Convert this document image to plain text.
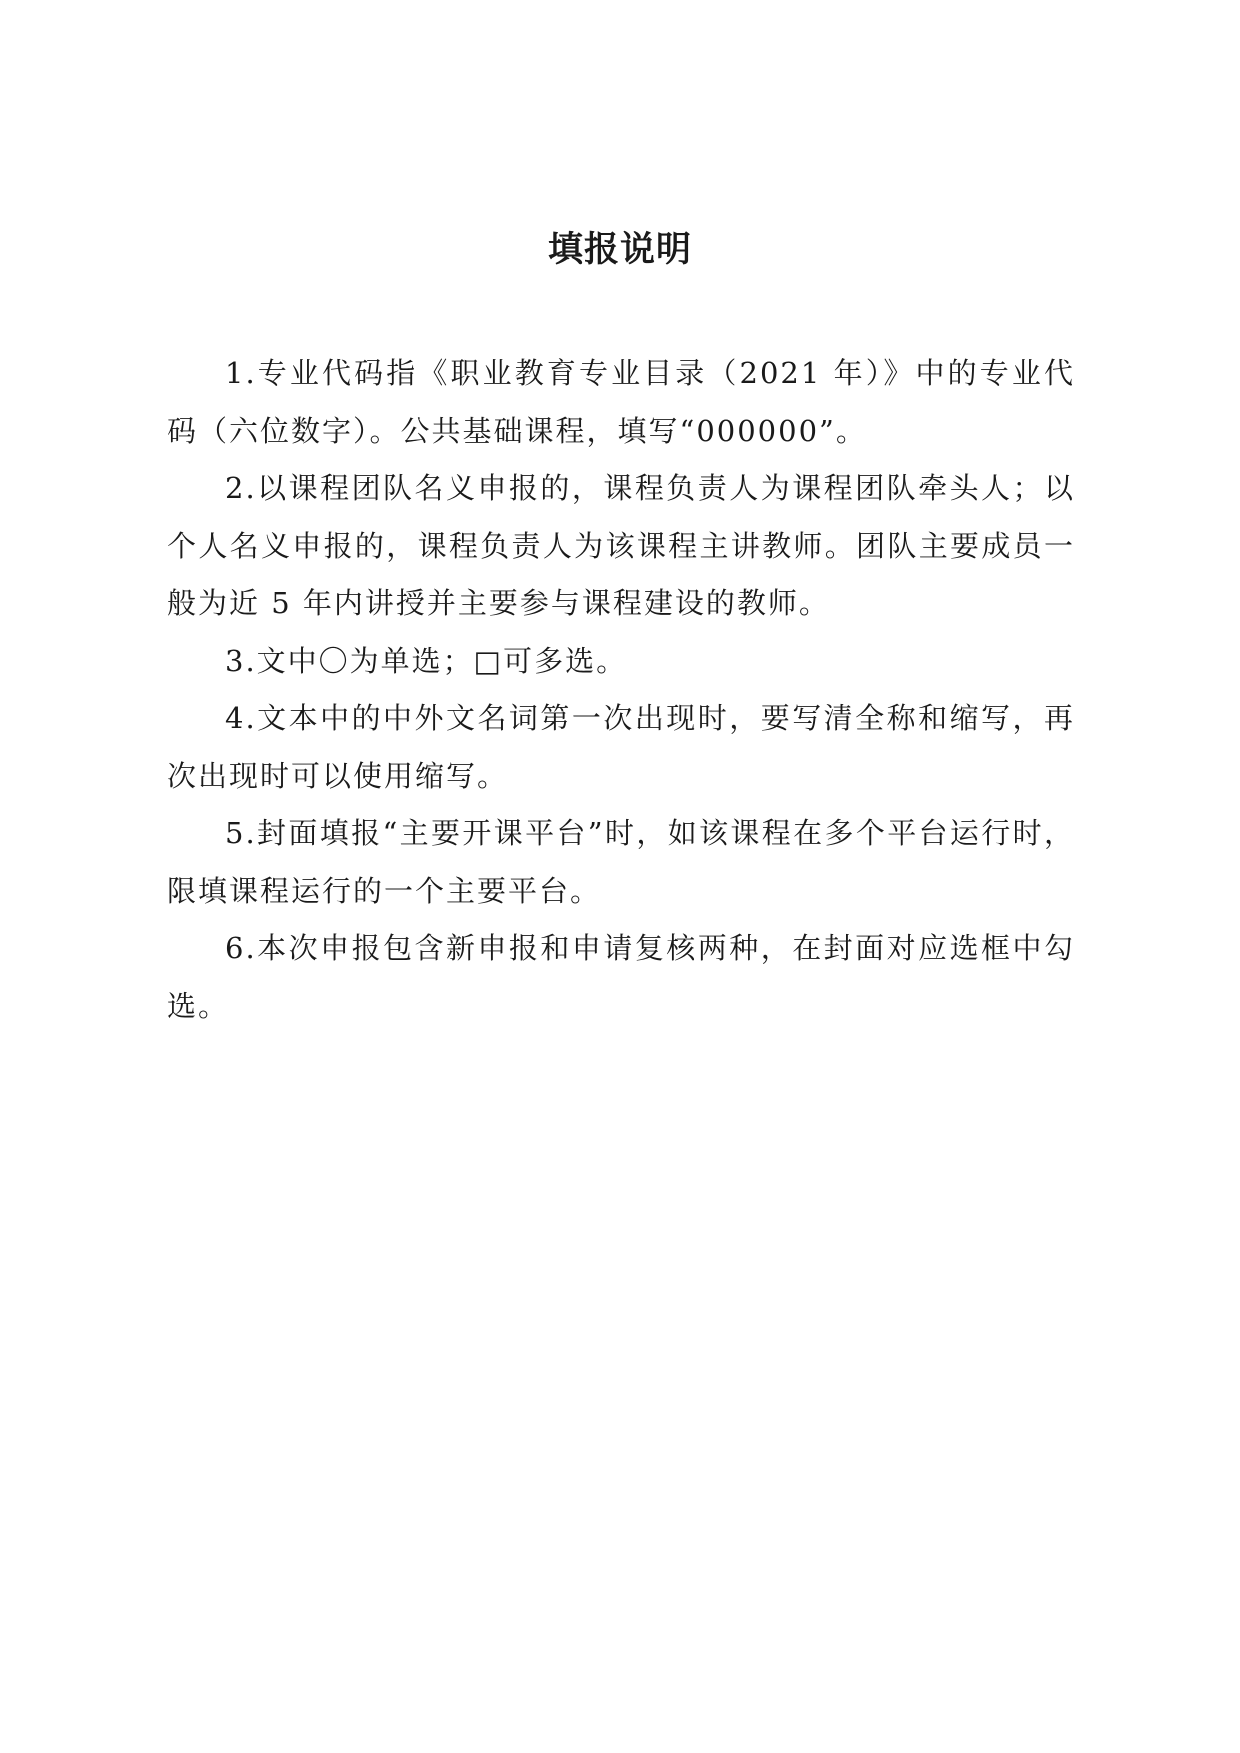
填报说明

1.专业代码指《职业教育专业目录（2021 年）》中的专业代码（六位数字）。公共基础课程，填写“000000”。

2.以课程团队名义申报的，课程负责人为课程团队牵头人；以个人名义申报的，课程负责人为该课程主讲教师。团队主要成员一般为近 5 年内讲授并主要参与课程建设的教师。

3.文中〇为单选；□可多选。

4.文本中的中外文名词第一次出现时，要写清全称和缩写，再次出现时可以使用缩写。

5.封面填报“主要开课平台”时，如该课程在多个平台运行时，限填课程运行的一个主要平台。

6.本次申报包含新申报和申请复核两种，在封面对应选框中勾选。
